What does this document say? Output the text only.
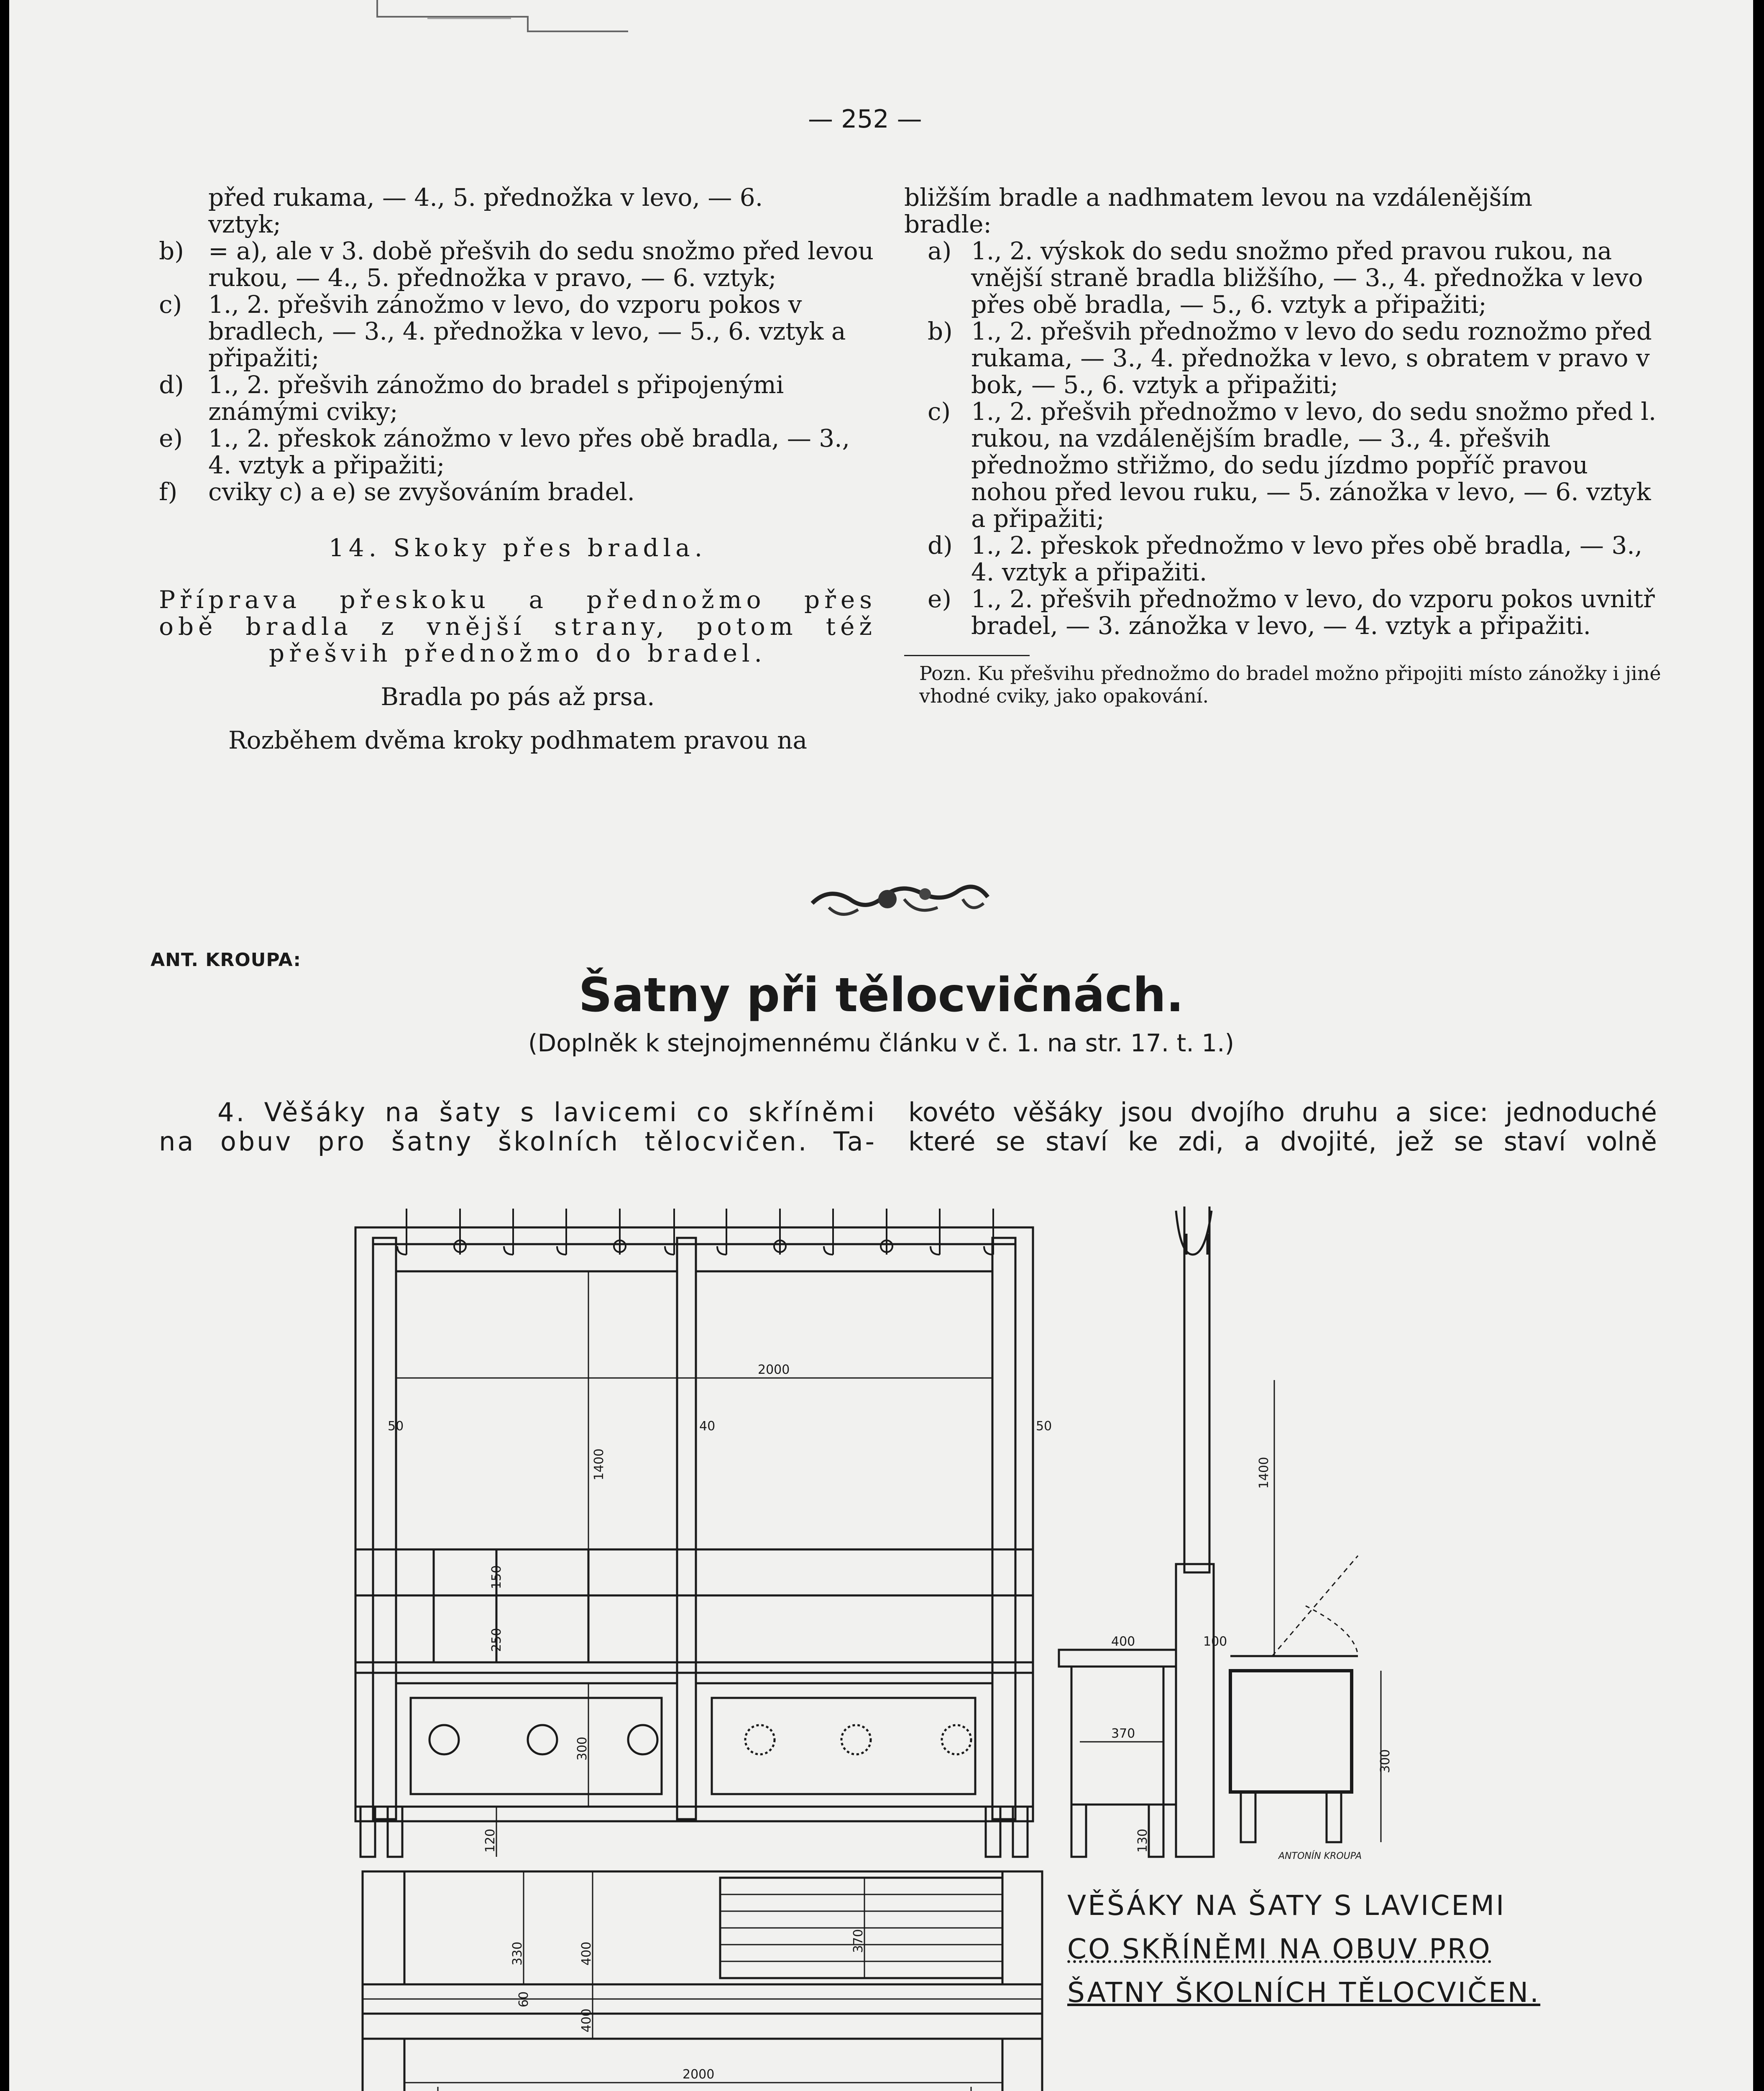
— 252 —

před rukama, — 4., 5. přednožka v levo, — 6.

vztyk;

b) = a), ale v 3. době přešvih do sedu snožmo před levou rukou, — 4., 5. přednožka v pravo, — 6. vztyk;
c) 1., 2. přešvih zánožmo v levo, do vzporu pokos v bradlech, — 3., 4. přednožka v levo, — 5., 6. vztyk a připažiti;
d) 1., 2. přešvih zánožmo do bradel s připojenými známými cviky;
e) 1., 2. přeskok zánožmo v levo přes obě bradla, — 3., 4. vztyk a připažiti;
f) cviky c) a e) se zvyšováním bradel.

14. Skoky přes bradla.

Příprava přeskoku a přednožmo přes

obě bradla z vnější strany, potom též

přešvih přednožmo do bradel.

Bradla po pás až prsa.

Rozběhem dvěma kroky podhmatem pravou na

bližším bradle a nadhmatem levou na vzdálenějším

bradle:

a) 1., 2. výskok do sedu snožmo před pravou rukou, na vnější straně bradla bližšího, — 3., 4. přednožka v levo přes obě bradla, — 5., 6. vztyk a připažiti;
b) 1., 2. přešvih přednožmo v levo do sedu roznožmo před rukama, — 3., 4. přednožka v levo, s obratem v pravo v bok, — 5., 6. vztyk a připažiti;
c) 1., 2. přešvih přednožmo v levo, do sedu snožmo před l. rukou, na vzdálenějším bradle, — 3., 4. přešvih přednožmo střižmo, do sedu jízdmo popříč pravou nohou před levou ruku, — 5. zánožka v levo, — 6. vztyk a připažiti;
d) 1., 2. přeskok přednožmo v levo přes obě bradla, — 3., 4. vztyk a připažiti.
e) 1., 2. přešvih přednožmo v levo, do vzporu pokos uvnitř bradel, — 3. zánožka v levo, — 4. vztyk a připažiti.

Pozn. Ku přešvihu přednožmo do bradel možno připojiti místo zánožky i jiné vhodné cviky, jako opakování.

ANT. KROUPA:
Šatny při tělocvičnách.
(Doplněk k stejnojmennému článku v č. 1. na str. 17. t. 1.)
4. Věšáky na šaty s lavicemi co skříněmi
na obuv pro šatny školních tělocvičen. Ta-
kovéto věšáky jsou dvojího druhu a sice: jednoduché
které se staví ke zdi, a dvojité, jež se staví volně
2000
50	40	50
1400
150
250
300
120
1400
400	100
370
300
130
330	400
400
60
370
2000
ANTONÍN KROUPA
VĚŠÁKY NA ŠATY S LAVICEMI
CO SKŘÍNĚMI NA OBUV PRO
ŠATNY ŠKOLNÍCH TĚLOCVIČEN.
